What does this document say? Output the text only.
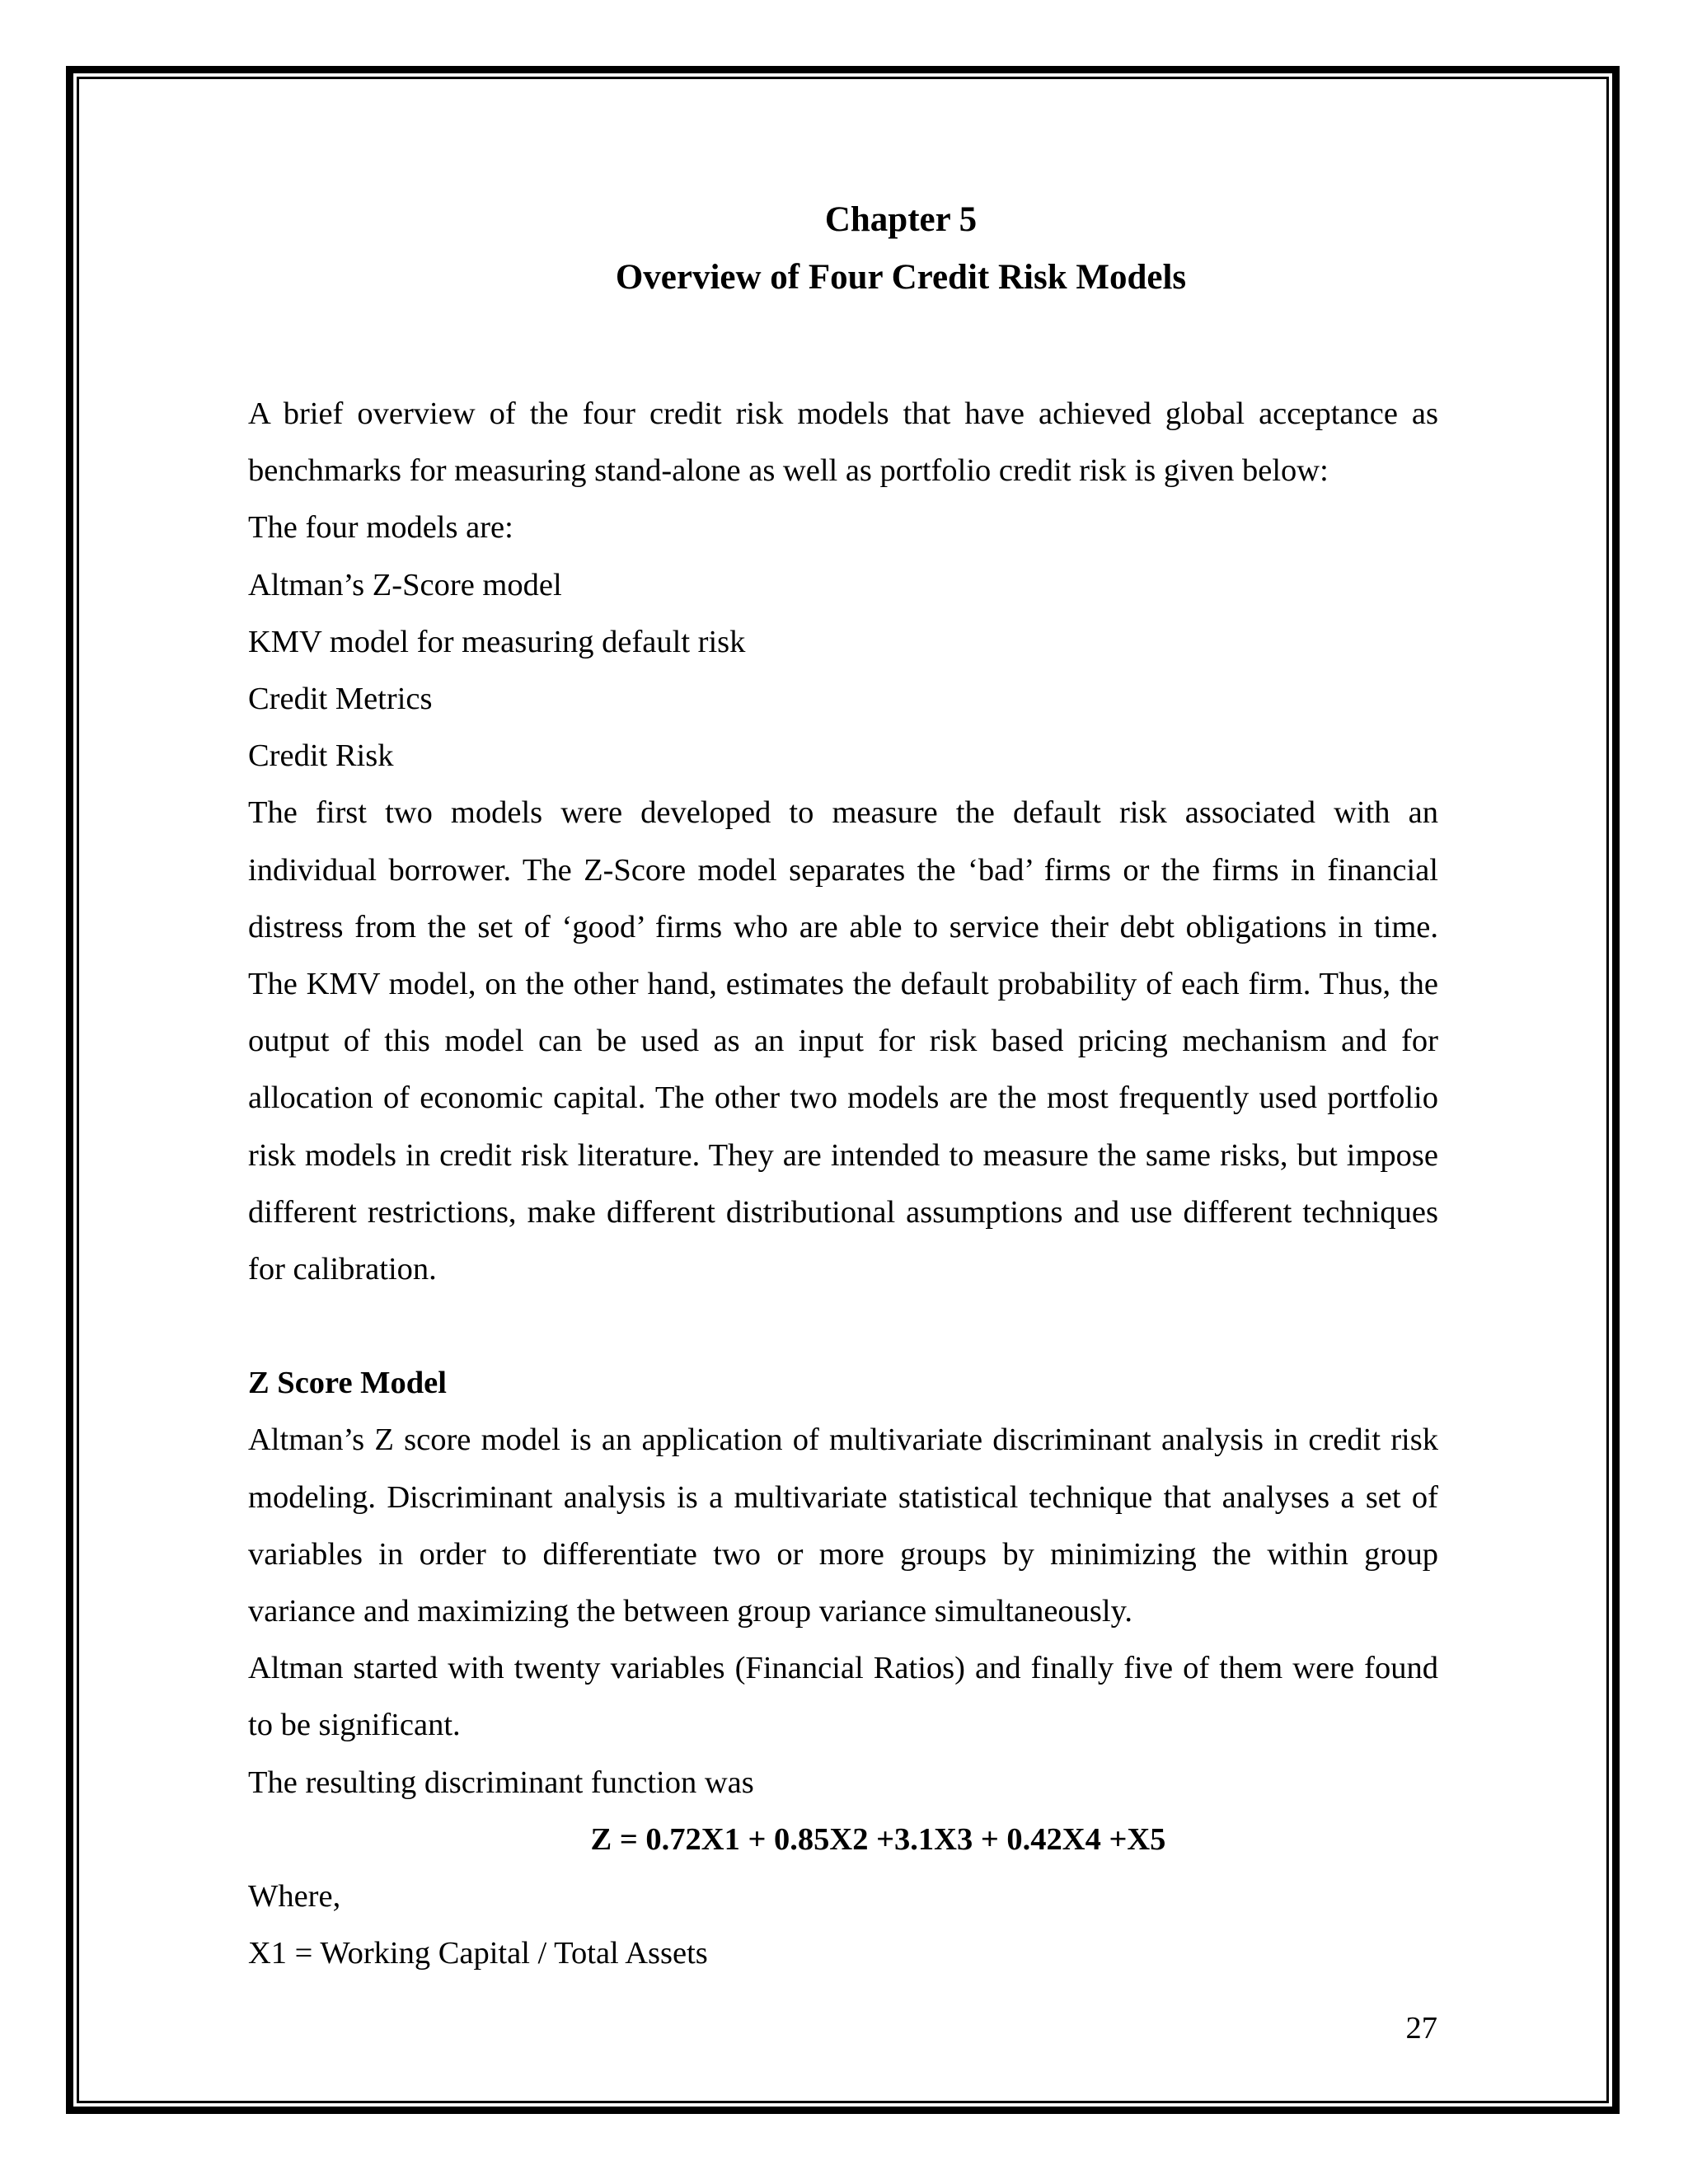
Chapter 5

Overview of Four Credit Risk Models

A brief overview of the four credit risk models that have achieved global acceptance as benchmarks for measuring stand-alone as well as portfolio credit risk is given below:

The four models are:

Altman’s Z-Score model

KMV model for measuring default risk

Credit Metrics

Credit Risk

The first two models were developed to measure the default risk associated with an individual borrower. The Z-Score model separates the ‘bad’ firms or the firms in financial distress from the set of ‘good’ firms who are able to service their debt obligations in time. The KMV model, on the other hand, estimates the default probability of each firm. Thus, the output of this model can be used as an input for risk based pricing mechanism and for allocation of economic capital. The other two models are the most frequently used portfolio risk models in credit risk literature. They are intended to measure the same risks, but impose different restrictions, make different distributional assumptions and use different techniques for calibration.

Z Score Model

Altman’s Z score model is an application of multivariate discriminant analysis in credit risk modeling. Discriminant analysis is a multivariate statistical technique that analyses a set of variables in order to differentiate two or more groups by minimizing the within group variance and maximizing the between group variance simultaneously.

Altman started with twenty variables (Financial Ratios) and finally five of them were found to be significant.

The resulting discriminant function was

Z = 0.72X1 + 0.85X2 +3.1X3 + 0.42X4 +X5

Where,

X1 = Working Capital / Total Assets

27
